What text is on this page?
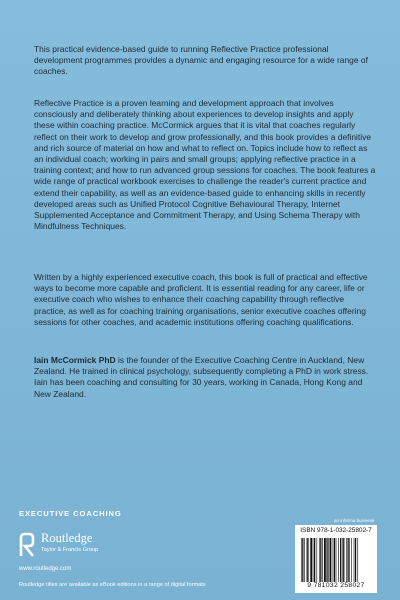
This practical evidence-based guide to running Reflective Practice professional development programmes provides a dynamic and engaging resource for a wide range of coaches.

Reflective Practice is a proven learning and development approach that involves consciously and deliberately thinking about experiences to develop insights and apply these within coaching practice. McCormick argues that it is vital that coaches regularly reflect on their work to develop and grow professionally, and this book provides a definitive and rich source of material on how and what to reflect on. Topics include how to reflect as an individual coach; working in pairs and small groups; applying reflective practice in a training context; and how to run advanced group sessions for coaches. The book features a wide range of practical workbook exercises to challenge the reader's current practice and extend their capability, as well as an evidence-based guide to enhancing skills in recently developed areas such as Unified Protocol Cognitive Behavioural Therapy, Internet Supplemented Acceptance and Commitment Therapy, and Using Schema Therapy with Mindfulness Techniques.

Written by a highly experienced executive coach, this book is full of practical and effective ways to become more capable and proficient. It is essential reading for any career, life or executive coach who wishes to enhance their coaching capability through reflective practice, as well as for coaching training organisations, senior executive coaches offering sessions for other coaches, and academic institutions offering coaching qualifications.

Iain McCormick PhD is the founder of the Executive Coaching Centre in Auckland, New Zealand. He trained in clinical psychology, subsequently completing a PhD in work stress. Iain has been coaching and consulting for 30 years, working in Canada, Hong Kong and New Zealand.

EXECUTIVE COACHING
Routledge
Taylor & Francis Group
www.routledge.com
Routledge titles are available as eBook editions in a range of digital formats
an informa business
ISBN 978-1-032-25802-7
9 781032 258027
